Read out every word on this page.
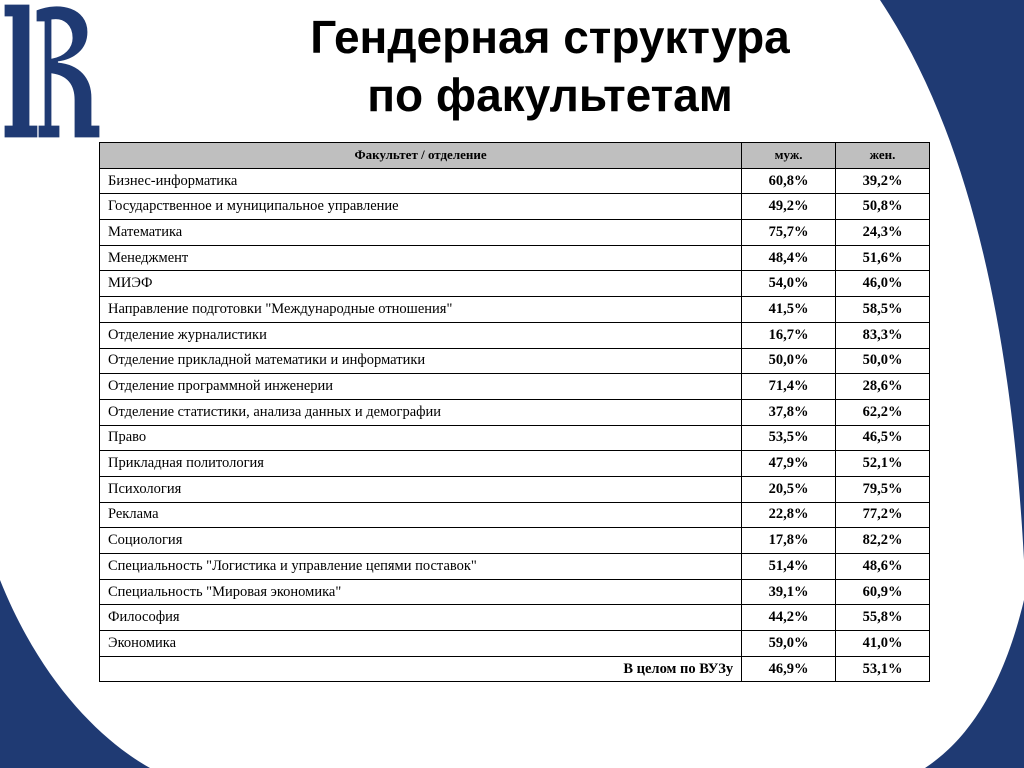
Гендерная структура
по факультетам
Факультет / отделение	муж.	жен.
Бизнес-информатика	60,8%	39,2%
Государственное и муниципальное управление	49,2%	50,8%
Математика	75,7%	24,3%
Менеджмент	48,4%	51,6%
МИЭФ	54,0%	46,0%
Направление подготовки "Международные отношения"	41,5%	58,5%
Отделение журналистики	16,7%	83,3%
Отделение прикладной математики и информатики	50,0%	50,0%
Отделение программной инженерии	71,4%	28,6%
Отделение статистики, анализа данных и демографии	37,8%	62,2%
Право	53,5%	46,5%
Прикладная политология	47,9%	52,1%
Психология	20,5%	79,5%
Реклама	22,8%	77,2%
Социология	17,8%	82,2%
Специальность "Логистика и управление цепями поставок"	51,4%	48,6%
Специальность "Мировая экономика"	39,1%	60,9%
Философия	44,2%	55,8%
Экономика	59,0%	41,0%
В целом по ВУЗу	46,9%	53,1%
